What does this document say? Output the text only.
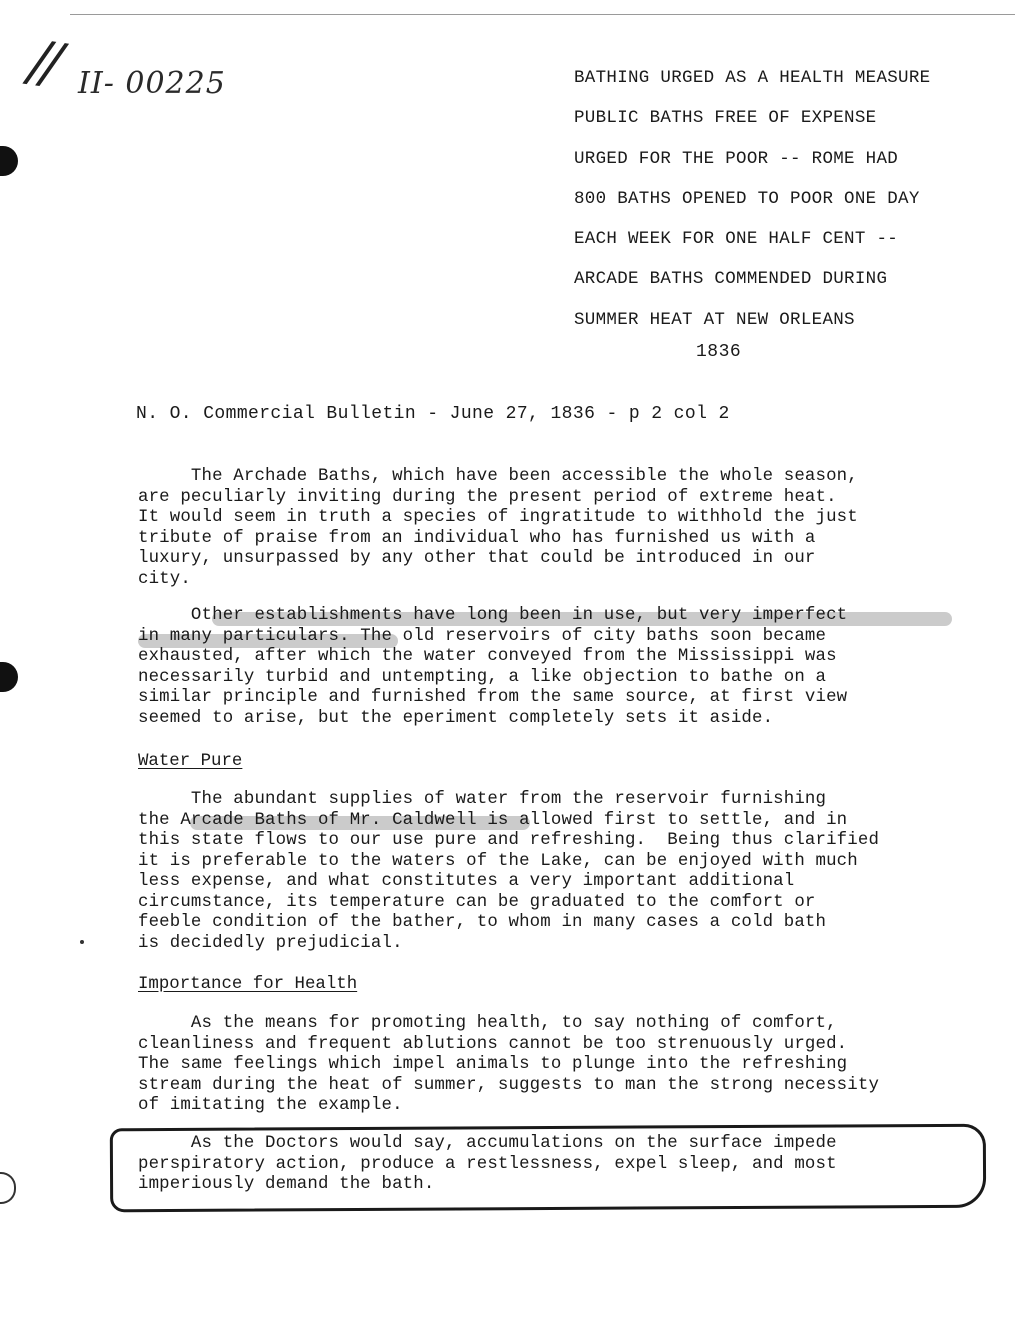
// II- 00225	BATHING URGED AS A HEALTH MEASURE
PUBLIC BATHS FREE OF EXPENSE
URGED FOR THE POOR -- ROME HAD
800 BATHS OPENED TO POOR ONE DAY
EACH WEEK FOR ONE HALF CENT --
ARCADE BATHS COMMENDED DURING
SUMMER HEAT AT NEW ORLEANS
1836
N. O. Commercial Bulletin - June 27, 1836 - p 2 col 2

The Archade Baths, which have been accessible the whole season,
are peculiarly inviting during the present period of extreme heat.
It would seem in truth a species of ingratitude to withhold the just
tribute of praise from an individual who has furnished us with a
luxury, unsurpassed by any other that could be introduced in our
city.

Other establishments have long been in use, but very imperfect
in many particulars. The old reservoirs of city baths soon became
exhausted, after which the water conveyed from the Mississippi was
necessarily turbid and untempting, a like objection to bathe on a
similar principle and furnished from the same source, at first view
seemed to arise, but the eperiment completely sets it aside.

Water Pure

The abundant supplies of water from the reservoir furnishing
the Arcade Baths of Mr. Caldwell is allowed first to settle, and in
this state flows to our use pure and refreshing.  Being thus clarified
it is preferable to the waters of the Lake, can be enjoyed with much
less expense, and what constitutes a very important additional
circumstance, its temperature can be graduated to the comfort or
feeble condition of the bather, to whom in many cases a cold bath
is decidedly prejudicial.

Importance for Health

As the means for promoting health, to say nothing of comfort,
cleanliness and frequent ablutions cannot be too strenuously urged.
The same feelings which impel animals to plunge into the refreshing
stream during the heat of summer, suggests to man the strong necessity
of imitating the example.

As the Doctors would say, accumulations on the surface impede
perspiratory action, produce a restlessness, expel sleep, and most
imperiously demand the bath.
